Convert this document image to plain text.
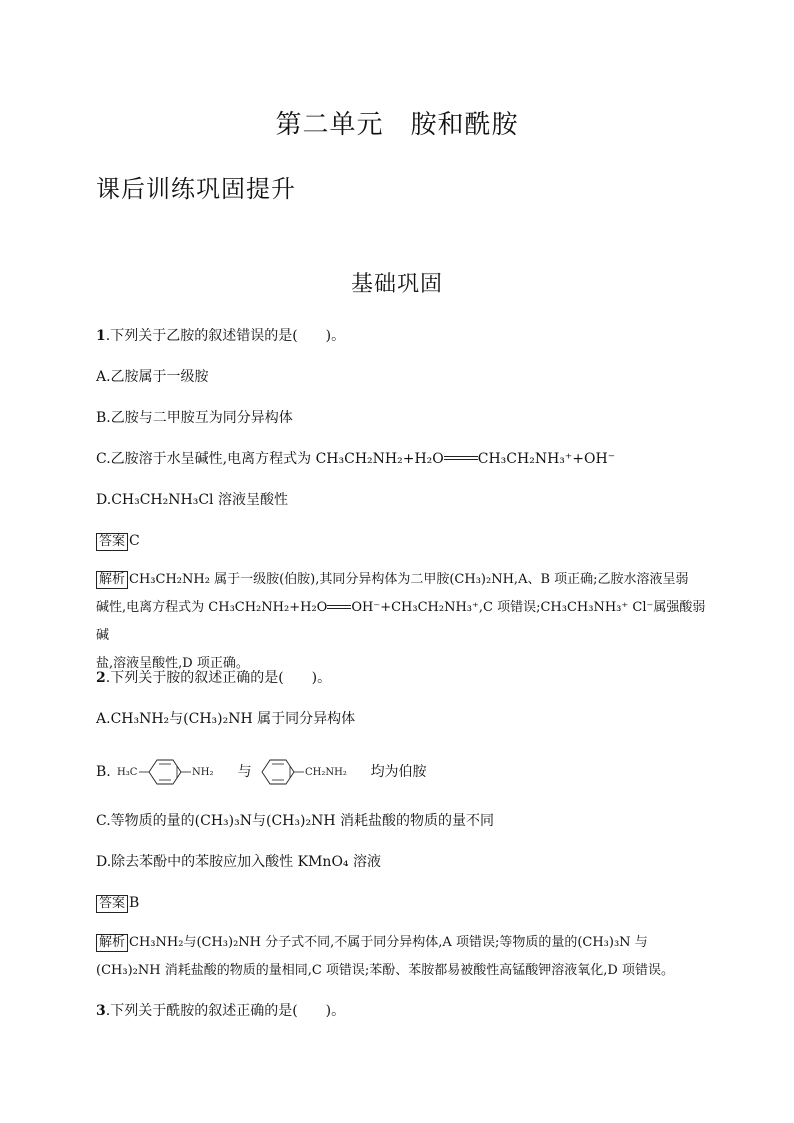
第二单元　胺和酰胺
课后训练巩固提升
基础巩固
1.下列关于乙胺的叙述错误的是(　　)。
A.乙胺属于一级胺
B.乙胺与二甲胺互为同分异构体
C.乙胺溶于水呈碱性,电离方程式为 CH₃CH₂NH₂+H₂O CH₃CH₂NH₃⁺+OH⁻
D.CH₃CH₂NH₃Cl 溶液呈酸性
答案 C
解析 CH₃CH₂NH₂ 属于一级胺(伯胺),其同分异构体为二甲胺(CH₃)₂NH,A、B 项正确;乙胺水溶液呈弱
碱性,电离方程式为 CH₃CH₂NH₂+H₂O OH⁻+CH₃CH₂NH₃⁺,C 项错误;CH₃CH₃NH₃⁺ Cl⁻属强酸弱碱
盐,溶液呈酸性,D 项正确。
2.下列关于胺的叙述正确的是(　　)。
A.CH₃NH₂与(CH₃)₂NH 属于同分异构体
B. H₃C	NH₂ 与	CH₂NH₂ 均为伯胺
C.等物质的量的(CH₃)₃N与(CH₃)₂NH 消耗盐酸的物质的量不同
D.除去苯酚中的苯胺应加入酸性 KMnO₄ 溶液
答案 B
解析 CH₃NH₂与(CH₃)₂NH 分子式不同,不属于同分异构体,A 项错误;等物质的量的(CH₃)₃N 与
(CH₃)₂NH 消耗盐酸的物质的量相同,C 项错误;苯酚、苯胺都易被酸性高锰酸钾溶液氧化,D 项错误。
3.下列关于酰胺的叙述正确的是(　　)。
